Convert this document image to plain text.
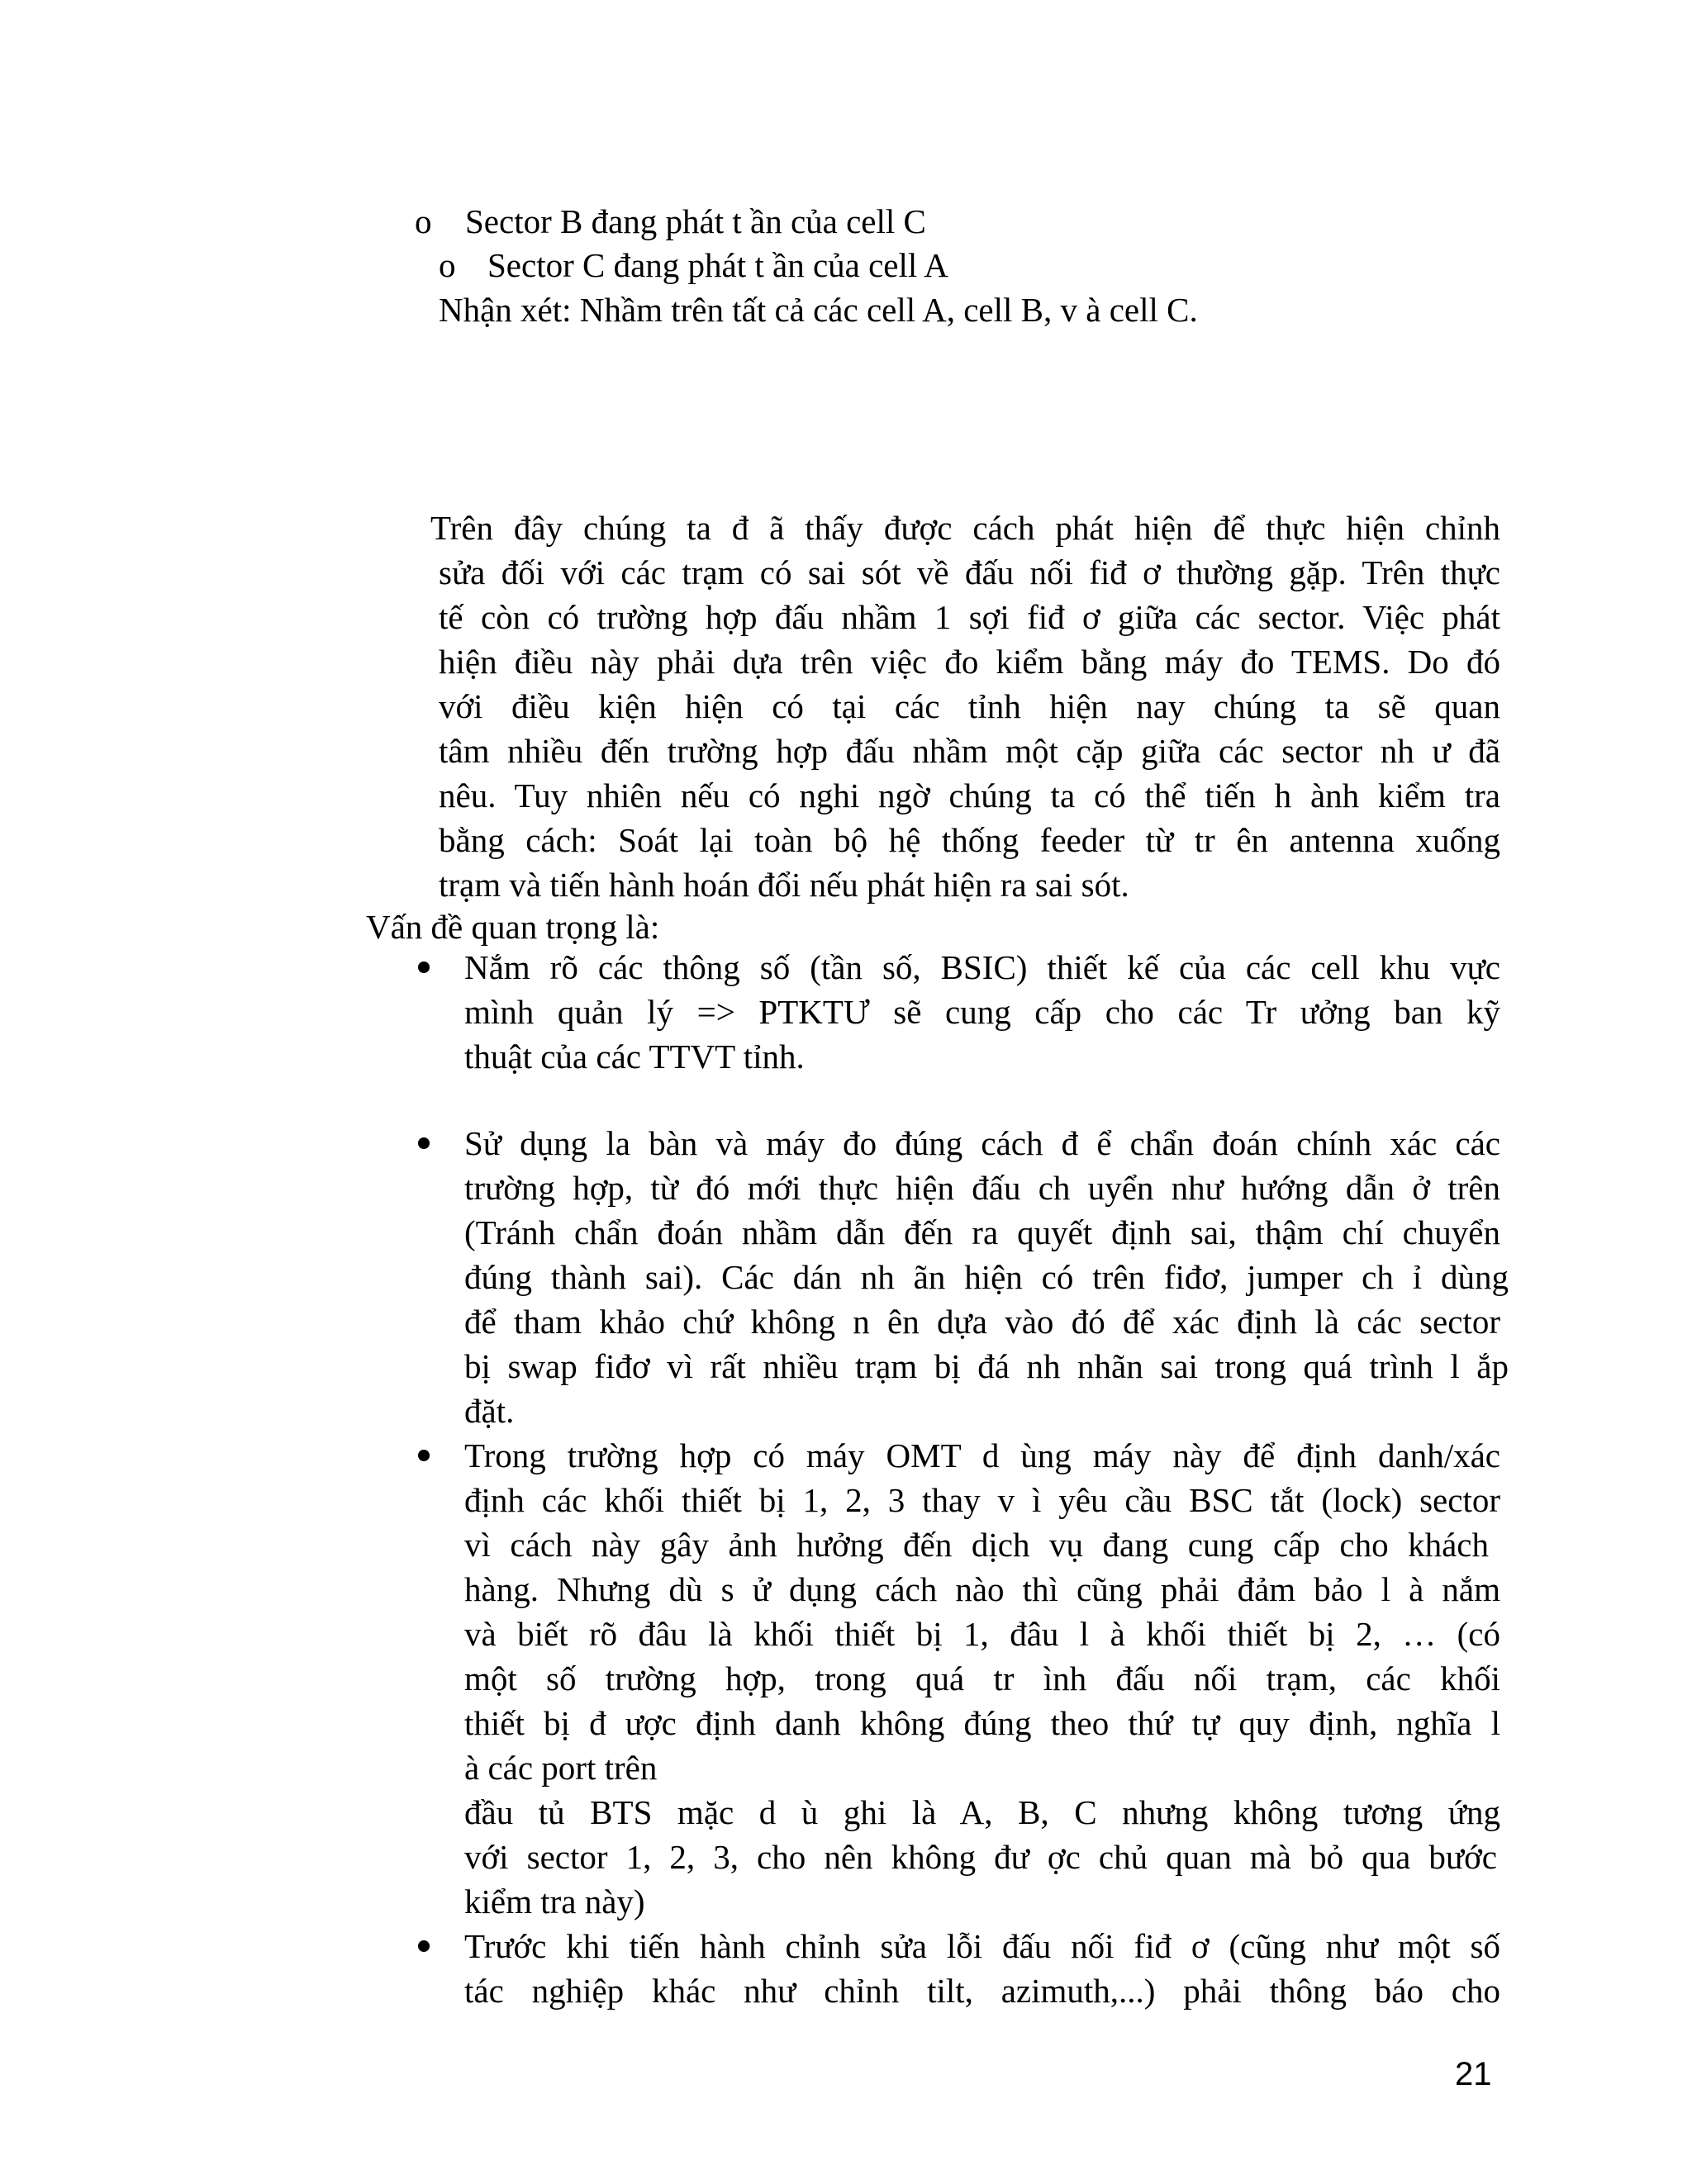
o Sector B đang phát t ần của cell C
o Sector C đang phát t ần của cell A
Nhận xét: Nhầm trên tất cả các cell A, cell B, v à cell C.
Trên đây chúng ta đ ã thấy được cách phát hiện để thực hiện chỉnh
sửa đối với các trạm có sai sót về đấu nối fiđ ơ thường gặp. Trên thực
tế còn có trường hợp đấu nhầm 1 sợi fiđ ơ giữa các sector. Việc phát
hiện điều này phải dựa trên việc đo kiểm bằng máy đo TEMS. Do đó
với điều kiện hiện có tại các tỉnh hiện nay chúng ta sẽ quan
tâm nhiều đến trường hợp đấu nhầm một cặp giữa các sector nh ư đã
nêu. Tuy nhiên nếu có nghi ngờ chúng ta có thể tiến h ành kiểm tra
bằng cách: Soát lại toàn bộ hệ thống feeder từ tr ên antenna xuống
trạm và tiến hành hoán đổi nếu phát hiện ra sai sót.
Vấn đề quan trọng là:
Nắm rõ các thông số (tần số, BSIC) thiết kế của các cell khu vực
mình quản lý => PTKTƯ sẽ cung cấp cho các Tr ưởng ban kỹ
thuật của các TTVT tỉnh.
Sử dụng la bàn và máy đo đúng cách đ ể chẩn đoán chính xác các
trường hợp, từ đó mới thực hiện đấu ch uyển như hướng dẫn ở trên
(Tránh chẩn đoán nhầm dẫn đến ra quyết định sai, thậm chí chuyển
đúng thành sai). Các dán nh ãn hiện có trên fiđơ, jumper ch ỉ dùng
để tham khảo chứ không n ên dựa vào đó để xác định là các sector
bị swap fiđơ vì rất nhiều trạm bị đá nh nhãn sai trong quá trình l ắp
đặt.
Trong trường hợp có máy OMT d ùng máy này để định danh/xác
định các khối thiết bị 1, 2, 3 thay v ì yêu cầu BSC tắt (lock) sector
vì cách này gây ảnh hưởng đến dịch vụ đang cung cấp cho khách
hàng. Nhưng dù s ử dụng cách nào thì cũng phải đảm bảo l à nắm
và biết rõ đâu là khối thiết bị 1, đâu l à khối thiết bị 2, … (có
một số trường hợp, trong quá tr ình đấu nối trạm, các khối
thiết bị đ ược định danh không đúng theo thứ tự quy định, nghĩa l
à các port trên
đầu tủ BTS mặc d ù ghi là A, B, C nhưng không tương ứng
với sector 1, 2, 3, cho nên không đư ợc chủ quan mà bỏ qua bước
kiểm tra này)
Trước khi tiến hành chỉnh sửa lỗi đấu nối fiđ ơ (cũng như một số
tác nghiệp khác như chỉnh tilt, azimuth,...) phải thông báo cho
21
